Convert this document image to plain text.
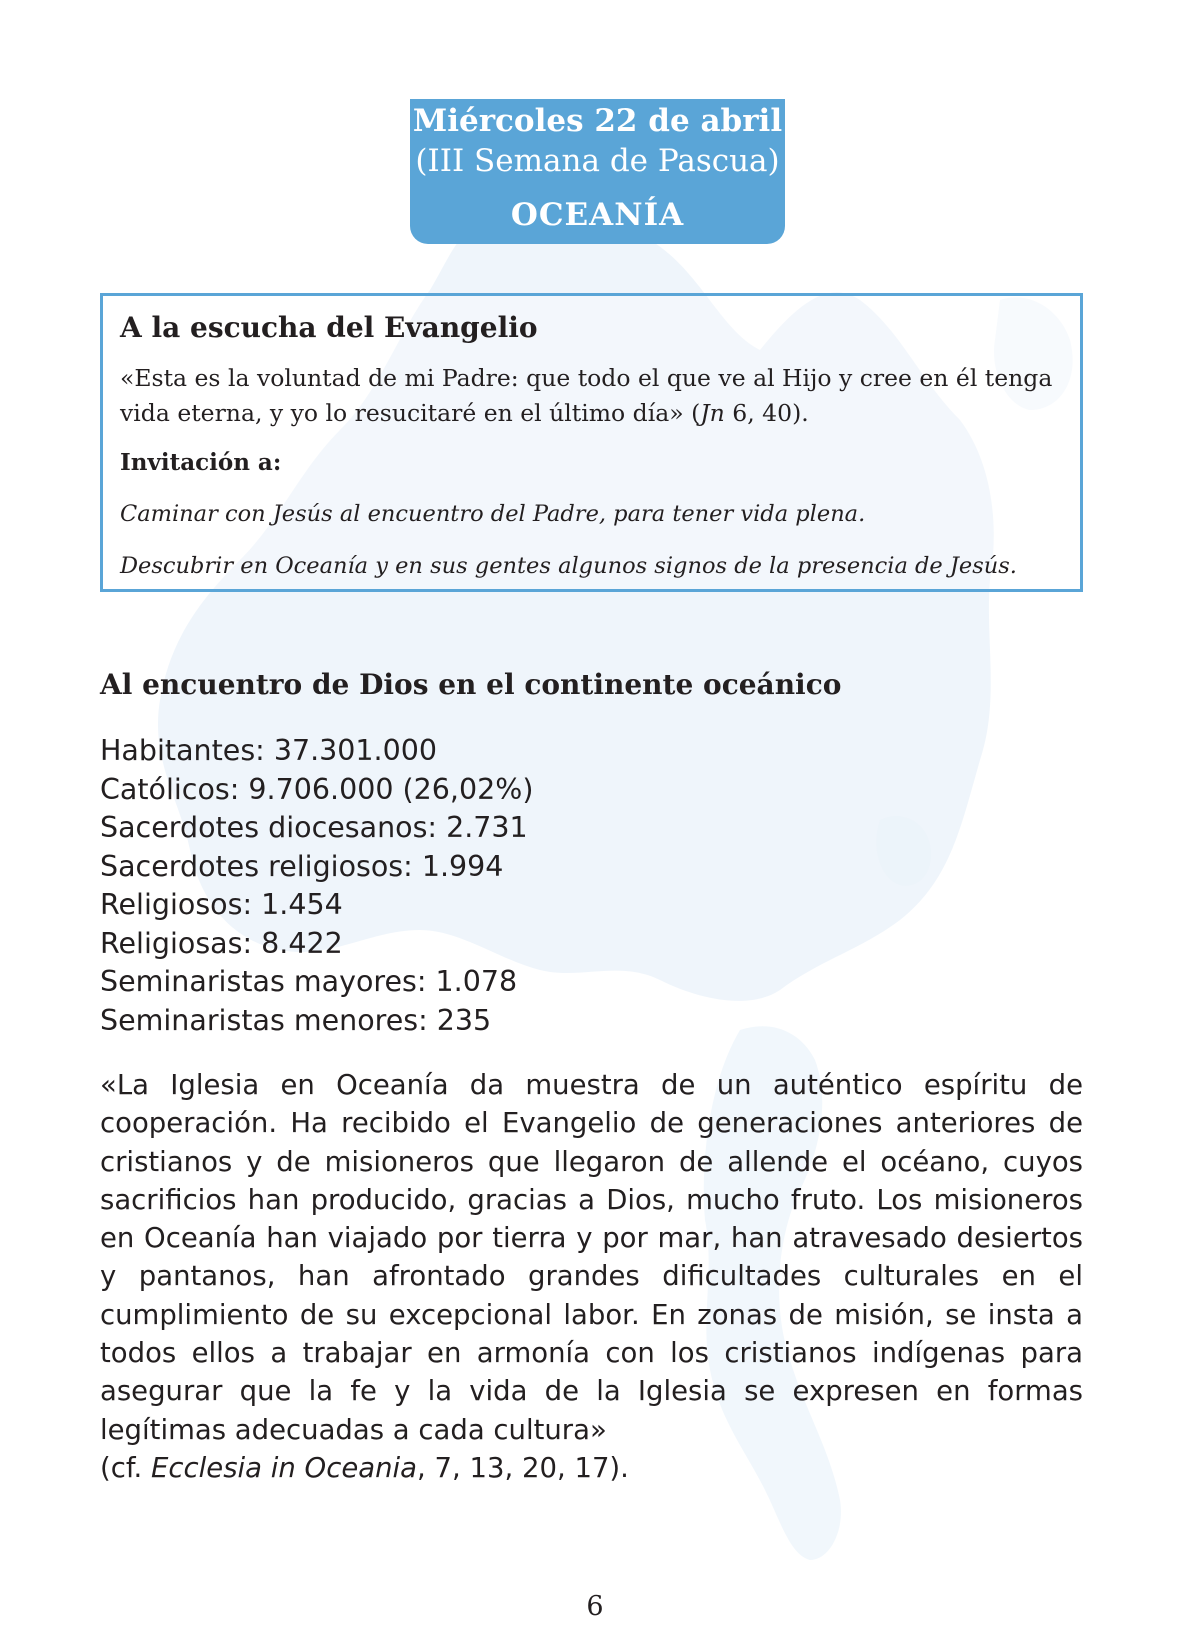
Miércoles 22 de abril
(III Semana de Pascua)
OCEANÍA
A la escucha del Evangelio
«Esta es la voluntad de mi Padre: que todo el que ve al Hijo y cree en él tenga vida eterna, y yo lo resucitaré en el último día» (Jn 6, 40).
Invitación a:
Caminar con Jesús al encuentro del Padre, para tener vida plena.
Descubrir en Oceanía y en sus gentes algunos signos de la presencia de Jesús.
Al encuentro de Dios en el continente oceánico
Habitantes: 37.301.000
Católicos: 9.706.000 (26,02%)
Sacerdotes diocesanos: 2.731
Sacerdotes religiosos: 1.994
Religiosos: 1.454
Religiosas: 8.422
Seminaristas mayores: 1.078
Seminaristas menores: 235

«La Iglesia en Oceanía da muestra de un auténtico espíritu de cooperación. Ha recibido el Evangelio de generaciones anteriores de cristianos y de misioneros que llegaron de allende el océano, cuyos sacrificios han producido, gracias a Dios, mucho fruto. Los misioneros en Oceanía han viajado por tierra y por mar, han atravesado desiertos y pantanos, han afrontado grandes dificultades culturales en el cumplimiento de su excepcional labor. En zonas de misión, se insta a todos ellos a trabajar en armonía con los cristianos indígenas para asegurar que la fe y la vida de la Iglesia se expresen en formas legítimas adecuadas a cada cultura»
(cf. Ecclesia in Oceania, 7, 13, 20, 17).

6
